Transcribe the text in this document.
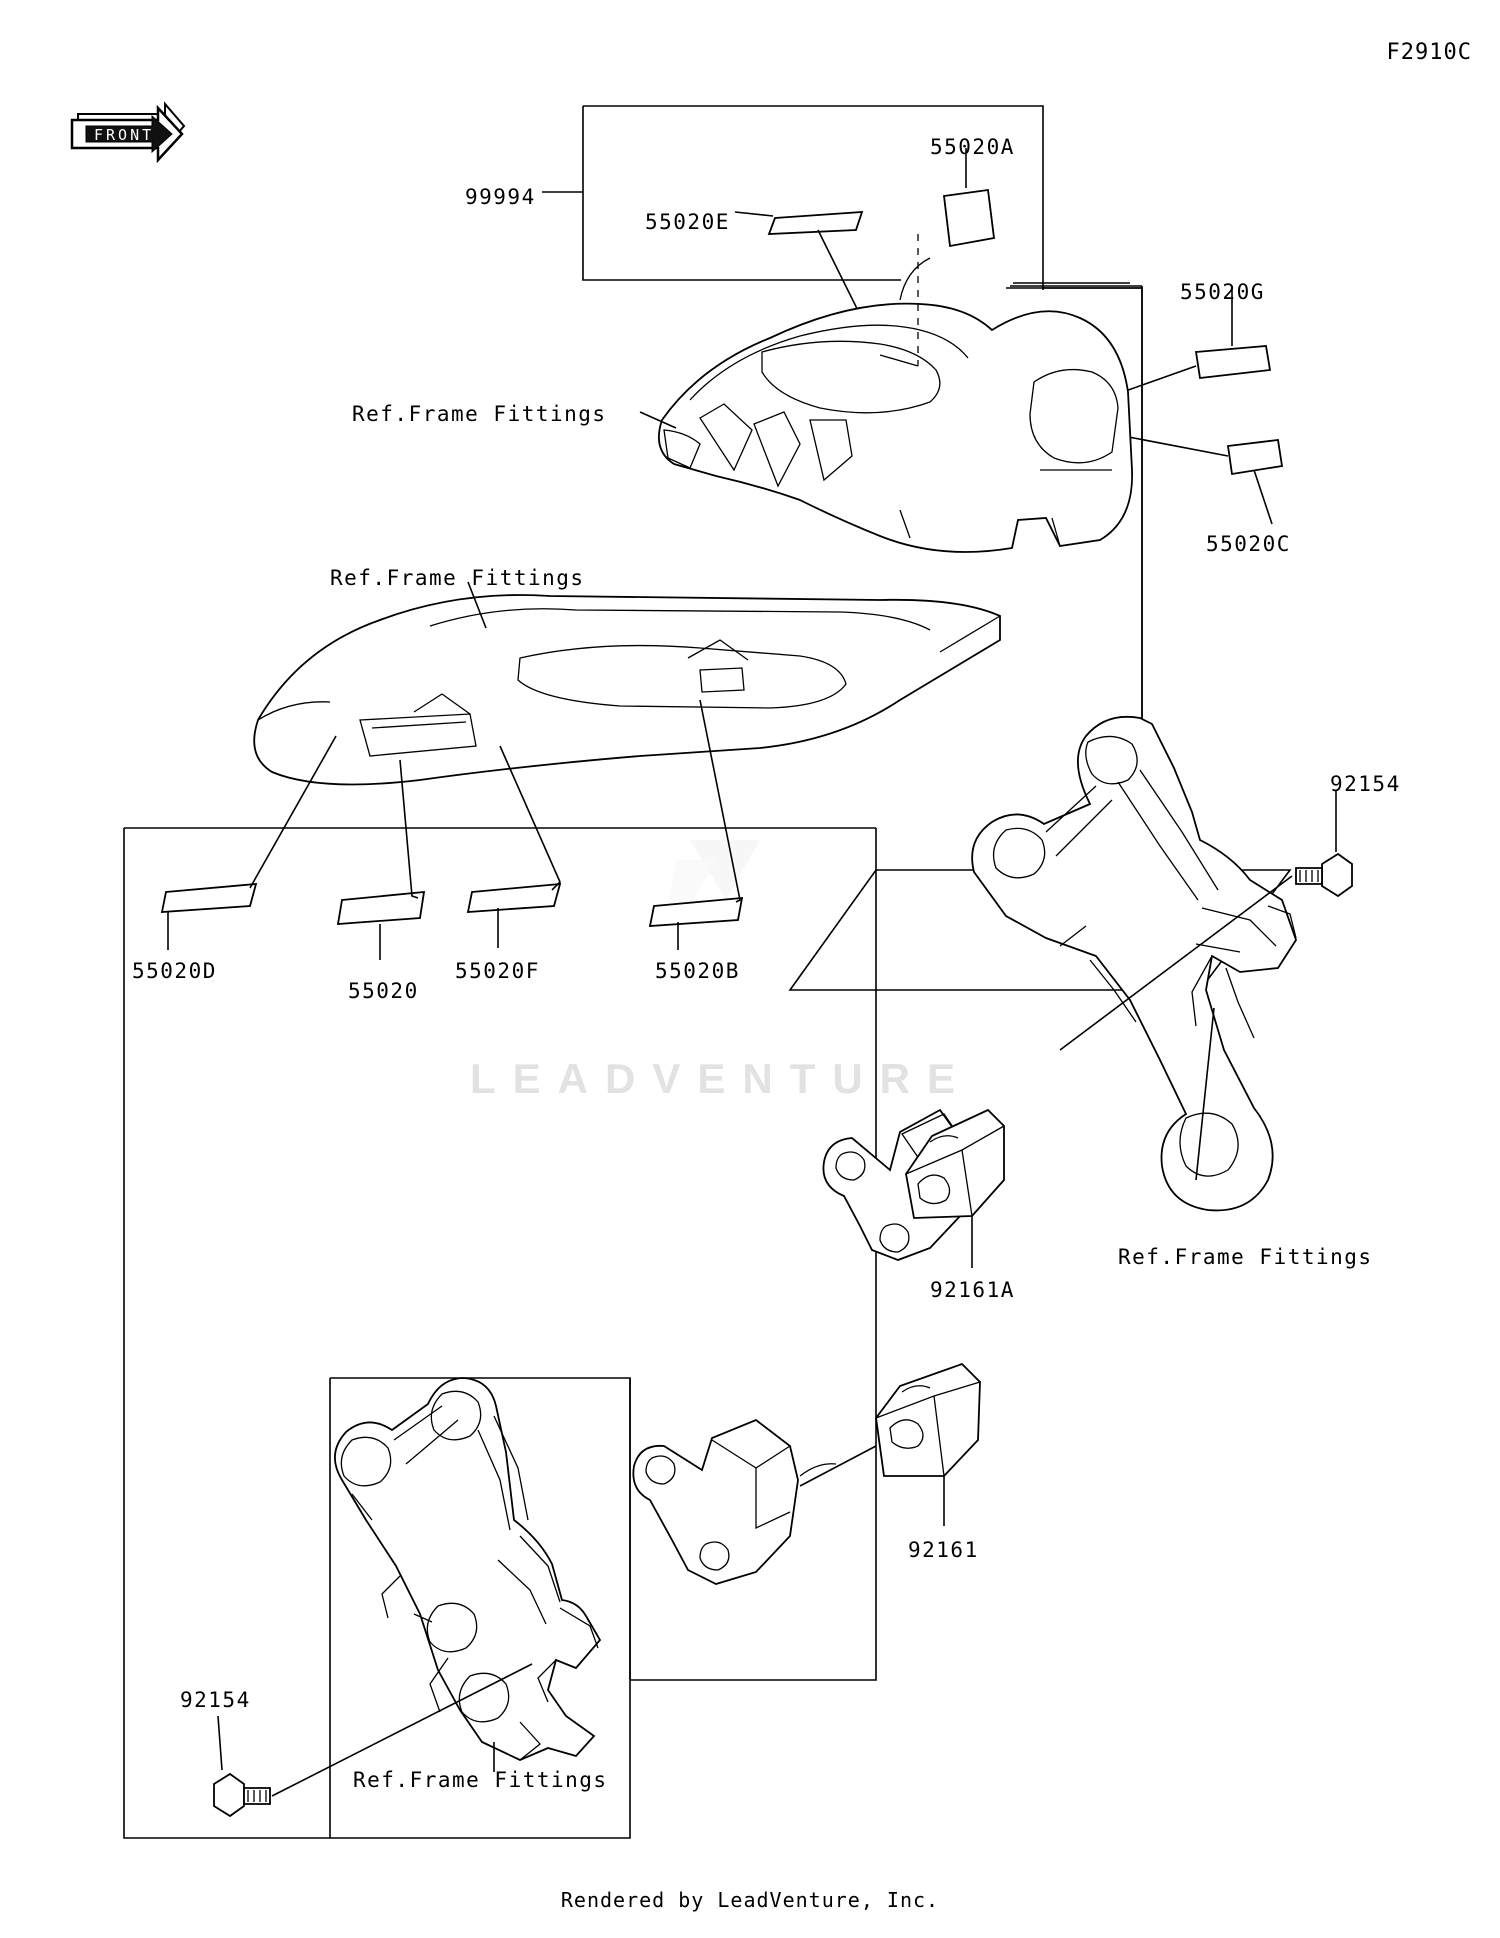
F2910C
FRONT
LEADVENTURE
99994
55020A
55020E
55020G
55020C
Ref.Frame Fittings
Ref.Frame Fittings
55020D
55020
55020F	55020B
92154
Ref.Frame Fittings
92161A
92161
92154
Ref.Frame Fittings
Rendered by LeadVenture, Inc.
